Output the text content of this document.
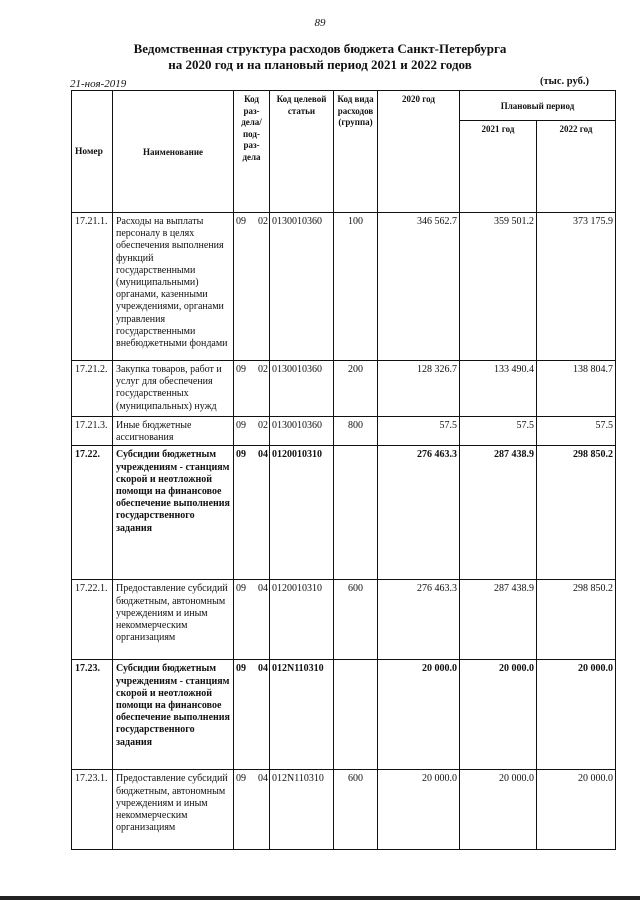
89
Ведомственная структура расходов бюджета Санкт-Петербурга
на 2020 год и на плановый период 2021 и 2022 годов
21-ноя-2019	(тыс. руб.)
Номер	Наименование	Код раз-дела/ под-раз-дела	Код целевой статьи	Код вида расходов (группа)	2020 год	Плановый период	
						2021 год	2022 год
17.21.1.	Расходы на выплаты персоналу в целях обеспечения выполнения функций государственными (муниципальными) органами, казенными учреждениями, органами управления государственными внебюджетными фондами	09 02	0130010360	100	346 562.7	359 501.2	373 175.9
17.21.2.	Закупка товаров, работ и услуг для обеспечения государственных (муниципальных) нужд	09 02	0130010360	200	128 326.7	133 490.4	138 804.7
17.21.3.	Иные бюджетные ассигнования	09 02	0130010360	800	57.5	57.5	57.5
17.22.	Субсидии бюджетным учреждениям - станциям скорой и неотложной помощи на финансовое обеспечение выполнения государственного задания	09 04	0120010310		276 463.3	287 438.9	298 850.2
17.22.1.	Предоставление субсидий бюджетным, автономным учреждениям и иным некоммерческим организациям	09 04	0120010310	600	276 463.3	287 438.9	298 850.2
17.23.	Субсидии бюджетным учреждениям - станциям скорой и неотложной помощи на финансовое обеспечение выполнения государственного задания	09 04	012N110310		20 000.0	20 000.0	20 000.0
17.23.1.	Предоставление субсидий бюджетным, автономным учреждениям и иным некоммерческим организациям	09 04	012N110310	600	20 000.0	20 000.0	20 000.0
